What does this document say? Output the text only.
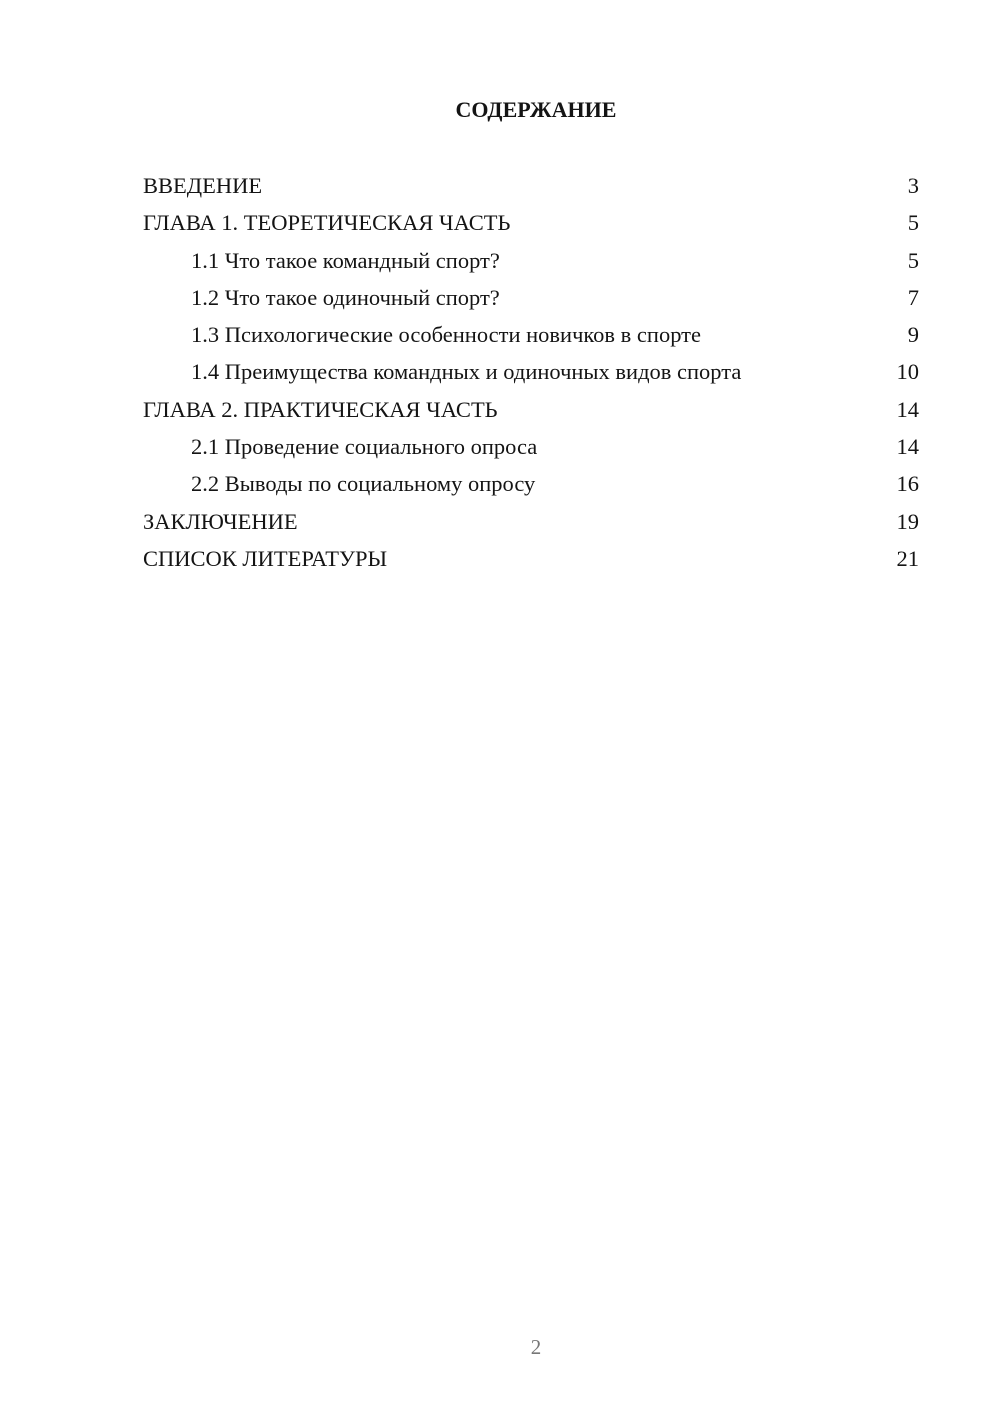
СОДЕРЖАНИЕ
ВВЕДЕНИЕ	3
ГЛАВА 1. ТЕОРЕТИЧЕСКАЯ ЧАСТЬ	5
1.1 Что такое командный спорт?	5
1.2 Что такое одиночный спорт?	7
1.3 Психологические особенности новичков в спорте	9
1.4 Преимущества командных и одиночных видов спорта	10
ГЛАВА 2. ПРАКТИЧЕСКАЯ ЧАСТЬ	14
2.1 Проведение социального опроса	14
2.2 Выводы по социальному опросу	16
ЗАКЛЮЧЕНИЕ	19
СПИСОК ЛИТЕРАТУРЫ	21
2
